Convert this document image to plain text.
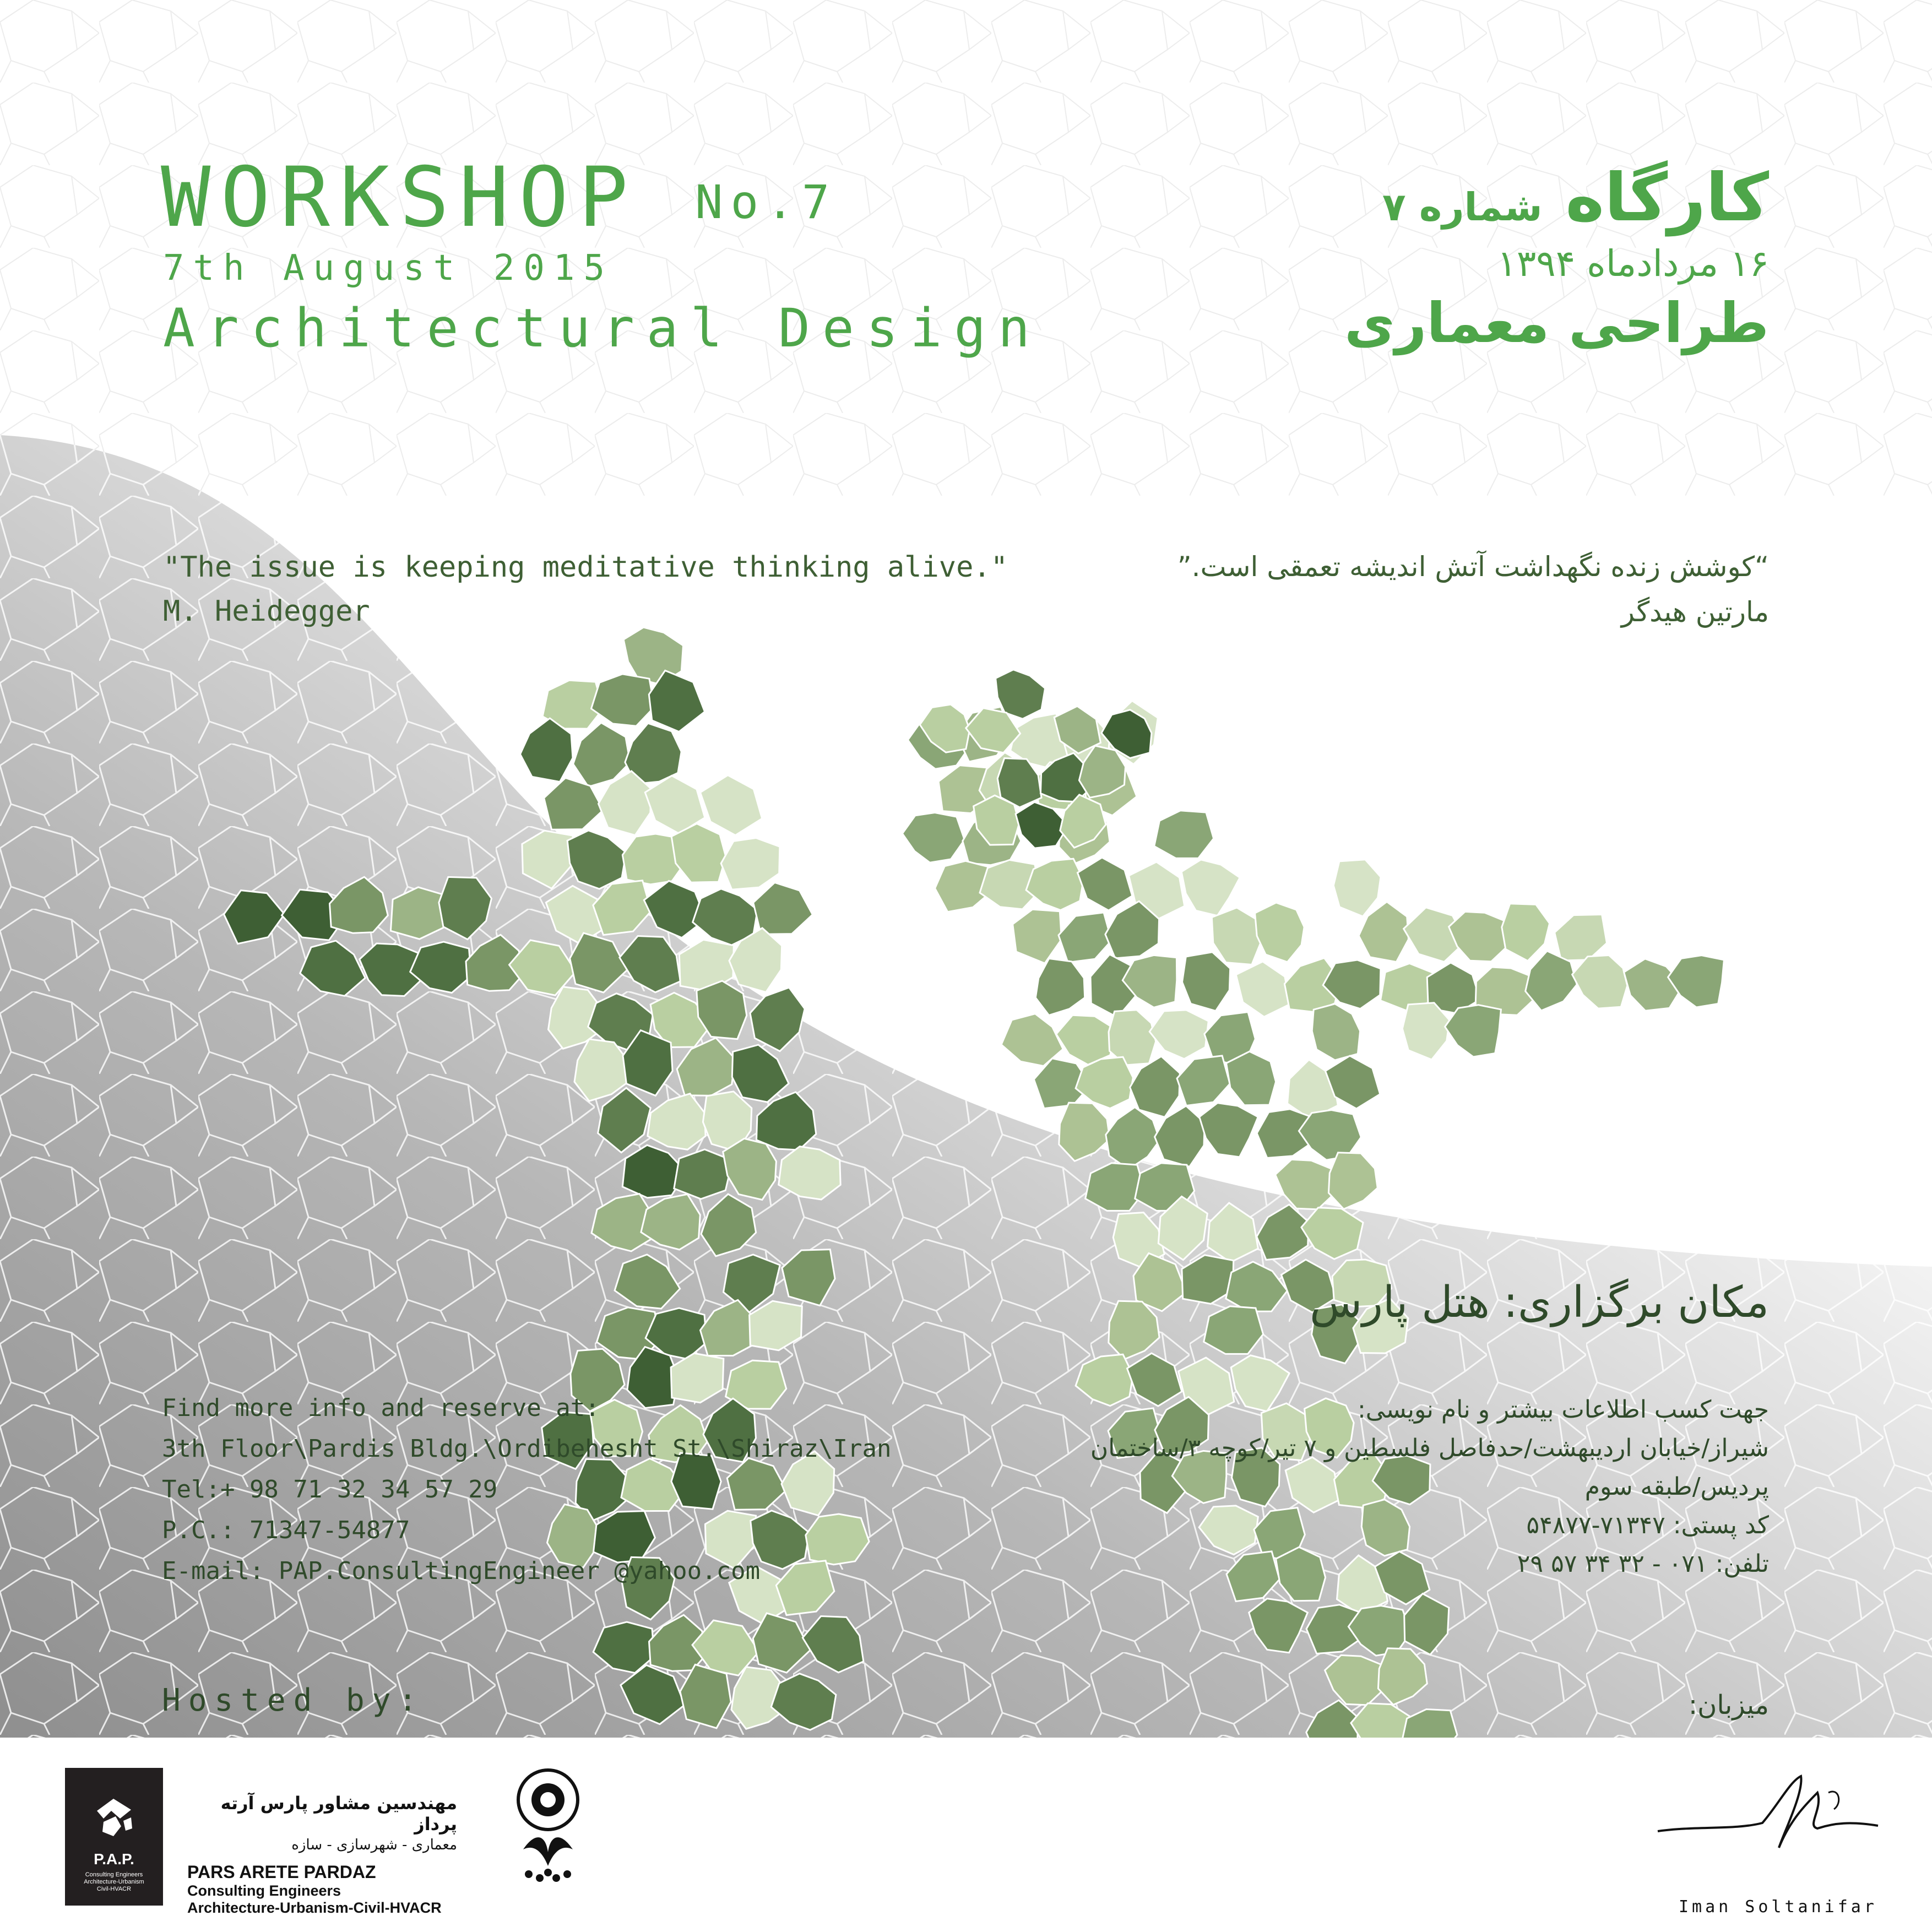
WORKSHOP No.7
7th August 2015
Architectural Design
کارگاه شماره ۷
۱۶ مردادماه ۱۳۹۴
طراحی معماری
"The issue is keeping meditative thinking alive."
M. Heidegger
“کوشش زنده نگهداشت آتش اندیشه تعمقی است.”
مارتین هیدگر
مکان برگزاری: هتل پارس
Find more info and reserve at:
3th Floor\Pardis Bldg.\Ordibehesht St.\Shiraz\Iran
Tel:+ 98 71 32 34 57 29
P.C.: 71347-54877
E-mail: PAP.ConsultingEngineer @yahoo.com
جهت کسب اطلاعات بیشتر و نام نویسی:
شیراز/خیابان اردیبهشت/حدفاصل فلسطین و ۷ تیر/کوچه ۳/ساختمان
پردیس/طبقه سوم
کد پستی: ۷۱۳۴۷-۵۴۸۷۷
تلفن: ۰۷۱ - ۳۲ ۳۴ ۵۷ ۲۹
Hosted by:	میزبان:
P.A.P.
Consulting Engineers
Architecture-Urbanism
Civil-HVACR
مهندسین مشاور پارس آرته پرداز
معماری - شهرسازی - سازه
PARS ARETE PARDAZ
Consulting Engineers
Architecture-Urbanism-Civil-HVACR	Iman Soltanifar
